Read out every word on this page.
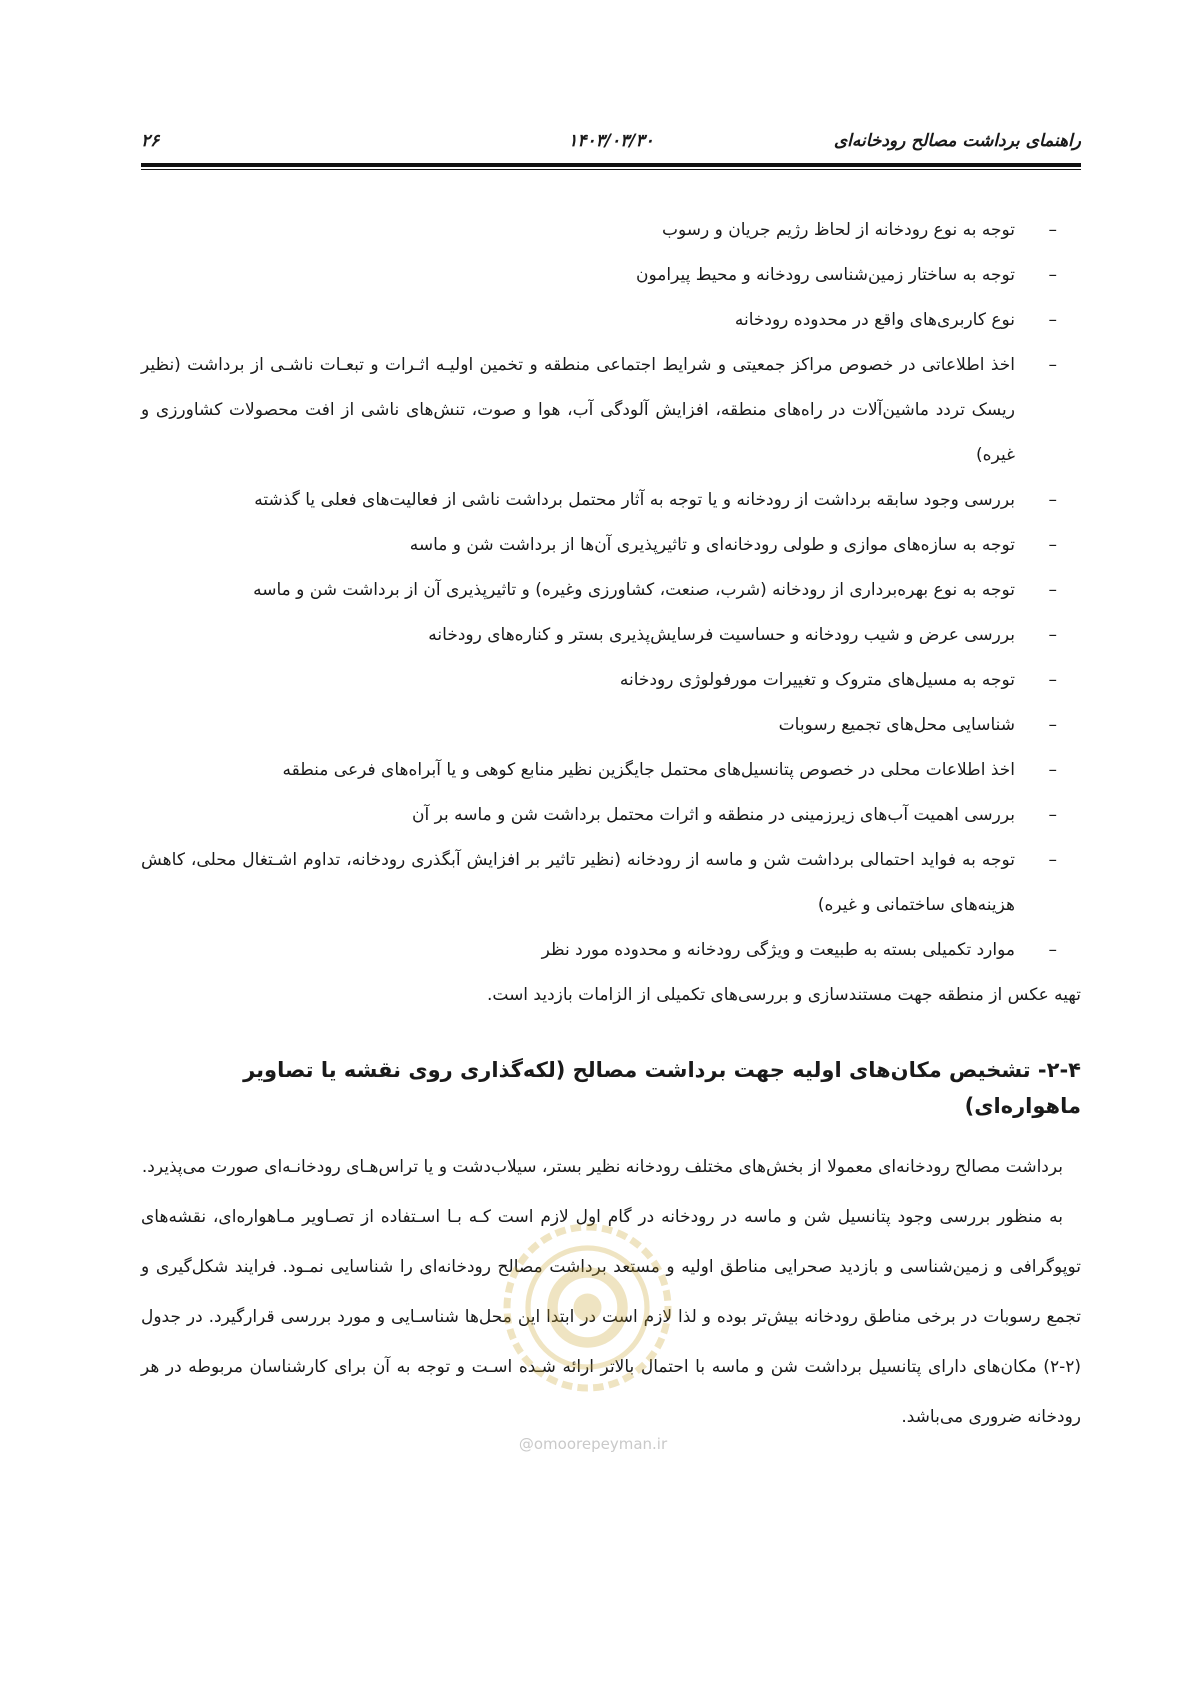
راهنمای برداشت مصالح رودخانه‌ای
۱۴۰۳/۰۳/۳۰
۲۶
–
توجه به نوع رودخانه از لحاظ رژیم جریان و رسوب
–
توجه به ساختار زمین‌شناسی رودخانه و محیط پیرامون
–
نوع کاربری‌های واقع در محدوده رودخانه
–
اخذ اطلاعاتی در خصوص مراکز جمعیتی و شرایط اجتماعی منطقه و تخمین اولیـه اثـرات و تبعـات ناشـی از برداشت (نظیر ریسک تردد ماشین‌آلات در راه‌های منطقه، افزایش آلودگی آب، هوا و صوت، تنش‌های ناشی از افت محصولات کشاورزی و غیره)
–
بررسی وجود سابقه برداشت از رودخانه و یا توجه به آثار محتمل برداشت ناشی از فعالیت‌های فعلی یا گذشته
–
توجه به سازه‌های موازی و طولی رودخانه‌ای و تاثیرپذیری آن‌ها از برداشت شن و ماسه
–
توجه به نوع بهره‌برداری از رودخانه (شرب، صنعت، کشاورزی وغیره) و تاثیرپذیری آن از برداشت شن و ماسه
–
بررسی عرض و شیب رودخانه و حساسیت فرسایش‌پذیری بستر و کناره‌های رودخانه
–
توجه به مسیل‌های متروک و تغییرات مورفولوژی رودخانه
–
شناسایی محل‌های تجمیع رسوبات
–
اخذ اطلاعات محلی در خصوص پتانسیل‌های محتمل جایگزین نظیر منابع کوهی و یا آبراه‌های فرعی منطقه
–
بررسی اهمیت آب‌های زیرزمینی در منطقه و اثرات محتمل برداشت شن و ماسه بر آن
–
توجه به فواید احتمالی برداشت شن و ماسه از رودخانه (نظیر تاثیر بر افزایش آبگذری رودخانه، تداوم اشـتغال محلی، کاهش هزینه‌های ساختمانی و غیره)
–
موارد تکمیلی بسته به طبیعت و ویژگی رودخانه و محدوده مورد نظر

تهیه عکس از منطقه جهت مستندسازی و بررسی‌های تکمیلی از الزامات بازدید است.

۲-۴- تشخیص مکان‌های اولیه جهت برداشت مصالح (لکه‌گذاری روی نقشه یا تصاویر ماهواره‌ای)

برداشت مصالح رودخانه‌ای معمولا از بخش‌های مختلف رودخانه نظیر بستر، سیلاب‌دشت و یا تراس‌هـای رودخانـه‌ای صورت می‌پذیرد.

به منظور بررسی وجود پتانسیل شن و ماسه در رودخانه در گام اول لازم است کـه بـا اسـتفاده از تصـاویر مـاهواره‌ای، نقشه‌های توپوگرافی و زمین‌شناسی و بازدید صحرایی مناطق اولیه و مستعد برداشت مصالح رودخانه‌ای را شناسایی نمـود. فرایند شکل‌گیری و تجمع رسوبات در برخی مناطق رودخانه بیش‌تر بوده و لذا لازم است در ابتدا این محل‌ها شناسـایی و مورد بررسی قرارگیرد. در جدول (۲-۲) مکان‌های دارای پتانسیل برداشت شن و ماسه با احتمال بالاتر ارائه شـده اسـت و توجه به آن برای کارشناسان مربوطه در هر رودخانه ضروری می‌باشد.

@omoorepeyman.ir
